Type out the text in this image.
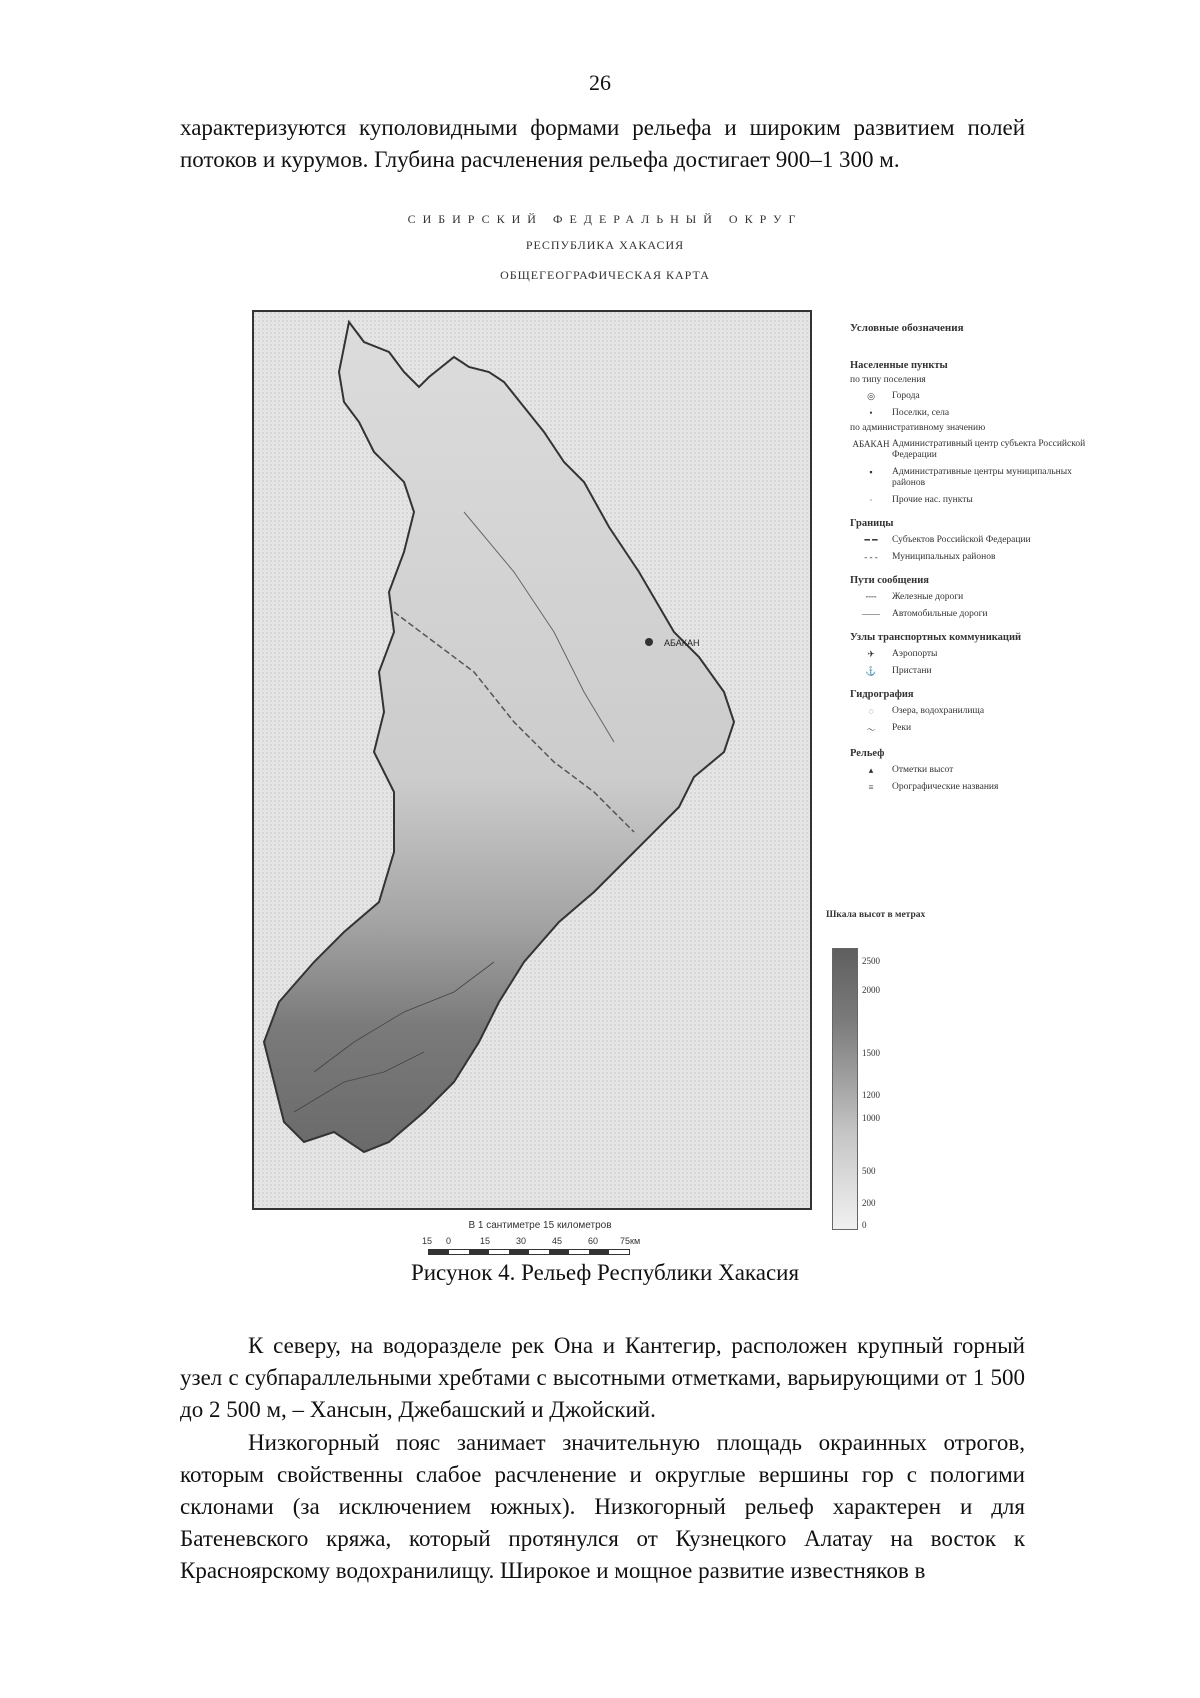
26
характеризуются куполовидными формами рельефа и широким развитием полей потоков и курумов. Глубина расчленения рельефа достигает 900–1 300 м.
СИБИРСКИЙ ФЕДЕРАЛЬНЫЙ ОКРУГ
РЕСПУБЛИКА ХАКАСИЯ
ОБЩЕГЕОГРАФИЧЕСКАЯ КАРТА
АБАКАН
Условные обозначения
Населенные пункты
по типу поселения
◎	Города
•	Поселки, села
по административному значению
АБАКАН Административный центр субъекта Российской Федерации
▪	Административные центры муниципальных районов
·	Прочие нас. пункты
Границы
━ ━	Субъектов Российской Федерации
- - -	Муниципальных районов
Пути сообщения
╌╌	Железные дороги
——	Автомобильные дороги
Узлы транспортных коммуникаций
✈	Аэропорты
⚓	Пристани
Гидрография
◌	Озера, водохранилища
〜	Реки
Рельеф
▴	Отметки высот
≡	Орографические названия
Шкала высот в метрах
2500
2000
1500
1200
1000
500
200
0
В 1 сантиметре 15 километров
15 0	15	30	45	60 75км
Рисунок 4. Рельеф Республики Хакасия
К северу, на водоразделе рек Она и Кантегир, расположен крупный горный узел с субпараллельными хребтами с высотными отметками, варьирующими от 1 500 до 2 500 м, – Хансын, Джебашский и Джойский.
Низкогорный пояс занимает значительную площадь окраинных отрогов, которым свойственны слабое расчленение и округлые вершины гор с пологими склонами (за исключением южных). Низкогорный рельеф характерен и для Батеневского кряжа, который протянулся от Кузнецкого Алатау на восток к Красноярскому водохранилищу. Широкое и мощное развитие известняков в
